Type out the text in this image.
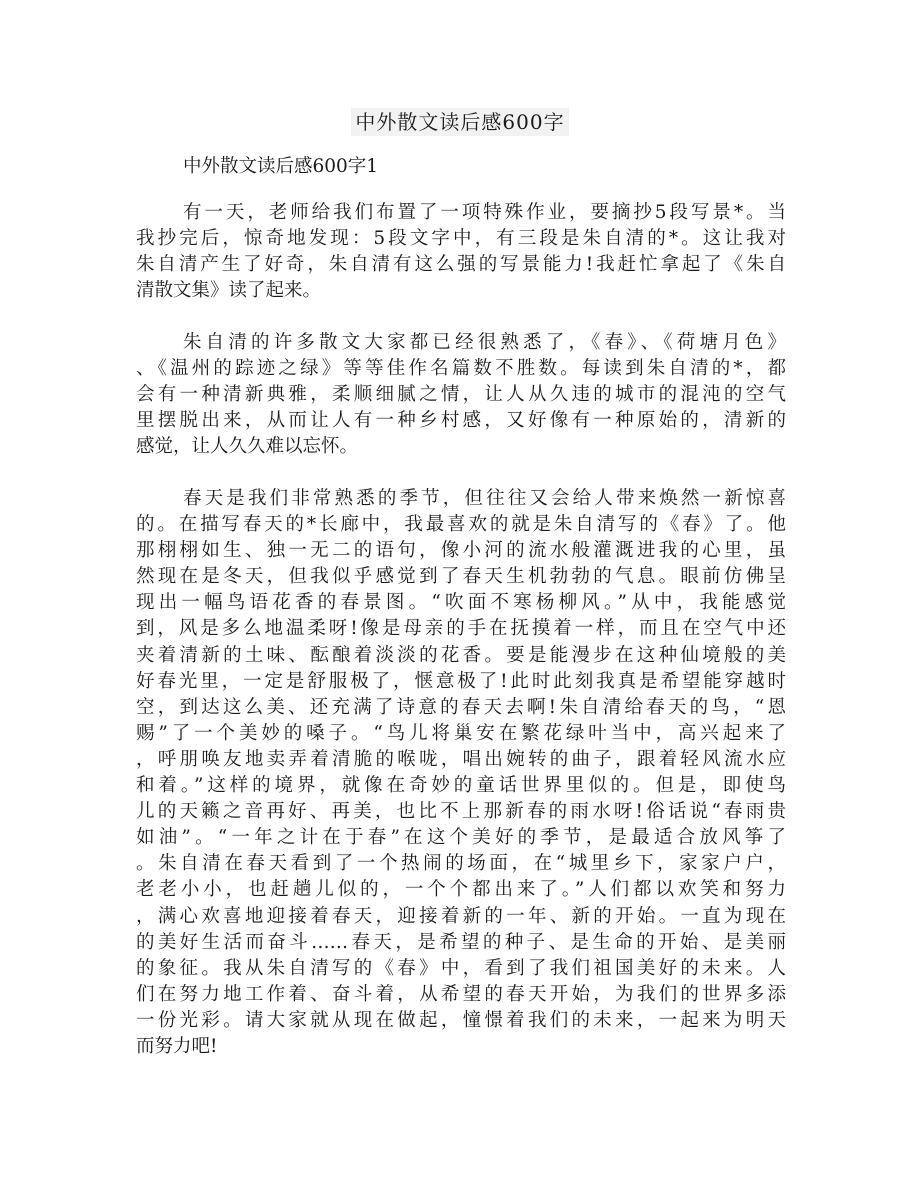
中外散文读后感600字
中外散文读后感600字1
有一天，老师给我们布置了一项特殊作业，要摘抄5段写景*。当
我抄完后，惊奇地发现：5段文字中，有三段是朱自清的*。这让我对
朱自清产生了好奇，朱自清有这么强的写景能力!我赶忙拿起了《朱自
清散文集》读了起来。
朱自清的许多散文大家都已经很熟悉了，《春》、《荷塘月色》
、《温州的踪迹之绿》等等佳作名篇数不胜数。每读到朱自清的*，都
会有一种清新典雅，柔顺细腻之情，让人从久违的城市的混沌的空气
里摆脱出来，从而让人有一种乡村感，又好像有一种原始的，清新的
感觉，让人久久难以忘怀。
春天是我们非常熟悉的季节，但往往又会给人带来焕然一新惊喜
的。在描写春天的*长廊中，我最喜欢的就是朱自清写的《春》了。他
那栩栩如生、独一无二的语句，像小河的流水般灌溉进我的心里，虽
然现在是冬天，但我似乎感觉到了春天生机勃勃的气息。眼前仿佛呈
现出一幅鸟语花香的春景图。“吹面不寒杨柳风。”从中，我能感觉
到，风是多么地温柔呀!像是母亲的手在抚摸着一样，而且在空气中还
夹着清新的土味、酝酿着淡淡的花香。要是能漫步在这种仙境般的美
好春光里，一定是舒服极了，惬意极了!此时此刻我真是希望能穿越时
空，到达这么美、还充满了诗意的春天去啊!朱自清给春天的鸟，“恩
赐”了一个美妙的嗓子。“鸟儿将巢安在繁花绿叶当中，高兴起来了
，呼朋唤友地卖弄着清脆的喉咙，唱出婉转的曲子，跟着轻风流水应
和着。”这样的境界，就像在奇妙的童话世界里似的。但是，即使鸟
儿的天籁之音再好、再美，也比不上那新春的雨水呀!俗话说“春雨贵
如油”。“一年之计在于春”在这个美好的季节，是最适合放风筝了
。朱自清在春天看到了一个热闹的场面，在“城里乡下，家家户户，
老老小小，也赶趟儿似的，一个个都出来了。”人们都以欢笑和努力
，满心欢喜地迎接着春天，迎接着新的一年、新的开始。一直为现在
的美好生活而奋斗……春天，是希望的种子、是生命的开始、是美丽
的象征。我从朱自清写的《春》中，看到了我们祖国美好的未来。人
们在努力地工作着、奋斗着，从希望的春天开始，为我们的世界多添
一份光彩。请大家就从现在做起，憧憬着我们的未来，一起来为明天
而努力吧!
